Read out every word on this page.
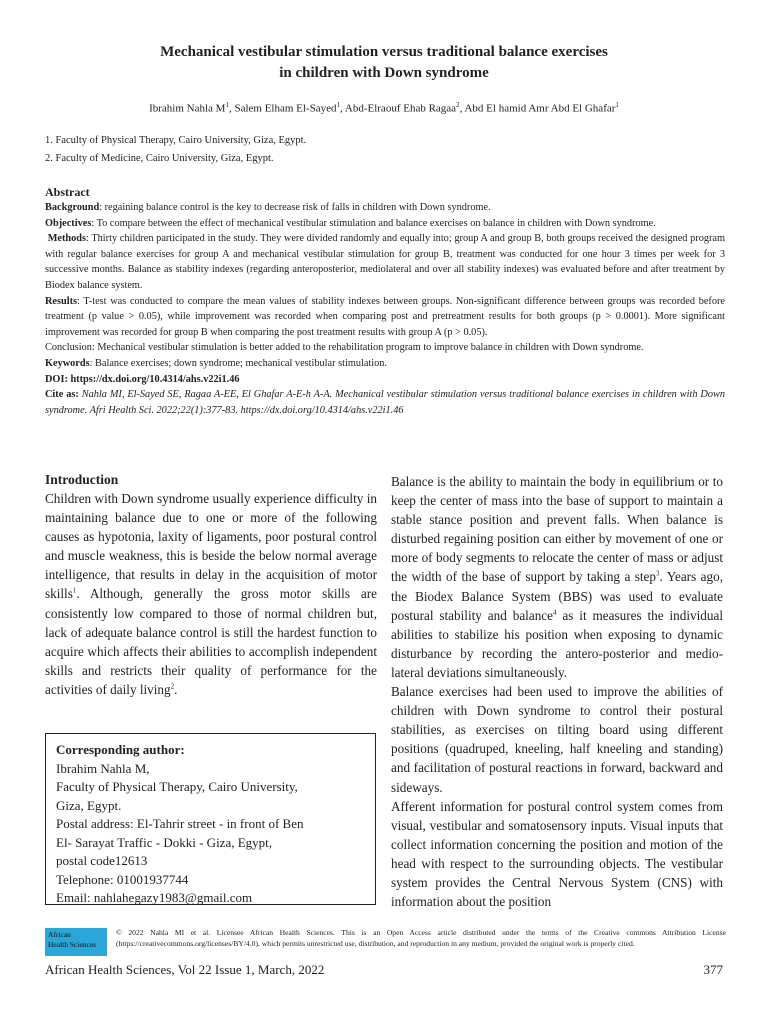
Mechanical vestibular stimulation versus traditional balance exercises
in children with Down syndrome
Ibrahim Nahla $M^1$, Salem Elham El-Sayed$^1$, Abd-Elraouf Ehab Ragaa$^2$, Abd El hamid Amr Abd El Ghafar$^1$
1. Faculty of Physical Therapy, Cairo University, Giza, Egypt.
2. Faculty of Medicine, Cairo University, Giza, Egypt.

Abstract

Background: regaining balance control is the key to decrease risk of falls in children with Down syndrome.

Objectives: To compare between the effect of mechanical vestibular stimulation and balance exercises on balance in children with Down syndrome.

Methods: Thirty children participated in the study. They were divided randomly and equally into; group A and group B, both groups received the designed program with regular balance exercises for group A and mechanical vestibular stimulation for group B, treatment was conducted for one hour 3 times per week for 3 successive months. Balance as stability indexes (regarding anteroposterior, mediolateral and over all stability indexes) was evaluated before and after treatment by Biodex balance system.

Results: T-test was conducted to compare the mean values of stability indexes between groups. Non-significant difference between groups was recorded before treatment (p value > 0.05), while improvement was recorded when comparing post and pretreatment results for both groups (p > 0.0001). More significant improvement was recorded for group B when comparing the post treatment results with group A (p > 0.05).

Conclusion: Mechanical vestibular stimulation is better added to the rehabilitation program to improve balance in children with Down syndrome.

Keywords: Balance exercises; down syndrome; mechanical vestibular stimulation.

DOI: https://dx.doi.org/10.4314/ahs.v22i1.46

Cite as: Nahla MI, El-Sayed SE, Ragaa A-EE, El Ghafar A-E-h A-A. Mechanical vestibular stimulation versus traditional balance exercises in children with Down syndrome. Afri Health Sci. 2022;22(1):377-83. https://dx.doi.org/10.4314/ahs.v22i1.46

Introduction

Children with Down syndrome usually experience difficulty in maintaining balance due to one or more of the following causes as hypotonia, laxity of ligaments, poor postural control and muscle weakness, this is beside the below normal average intelligence, that results in delay in the acquisition of motor skills$^1$. Although, generally the gross motor skills are consistently low compared to those of normal children but, lack of adequate balance control is still the hardest function to acquire which affects their abilities to accomplish independent skills and restricts their quality of performance for the activities of daily living$^2$.

Corresponding author:

Ibrahim Nahla M,

Faculty of Physical Therapy, Cairo University,

Giza, Egypt.

Postal address: El-Tahrir street - in front of Ben

El- Sarayat Traffic - Dokki - Giza, Egypt,

postal code12613

Telephone: 01001937744

Email: nahlahegazy1983@gmail.com

Balance is the ability to maintain the body in equilibrium or to keep the center of mass into the base of support to maintain a stable stance position and prevent falls. When balance is disturbed regaining position can either by movement of one or more of body segments to relocate the center of mass or adjust the width of the base of support by taking a step$^3$. Years ago, the Biodex Balance System (BBS) was used to evaluate postural stability and balance$^4$ as it measures the individual abilities to stabilize his position when exposing to dynamic disturbance by recording the antero-posterior and medio-lateral deviations simultaneously.

Balance exercises had been used to improve the abilities of children with Down syndrome to control their postural stabilities, as exercises on tilting board using different positions (quadruped, kneeling, half kneeling and standing) and facilitation of postural reactions in forward, backward and sideways.

Afferent information for postural control system comes from visual, vestibular and somatosensory inputs. Visual inputs that collect information concerning the position and motion of the head with respect to the surrounding objects. The vestibular system provides the Central Nervous System (CNS) with information about the position

African
Health Sciences
© 2022 Nahla MI et al. Licensee African Health Sciences. This is an Open Access article distributed under the terms of the Creative commons Attribution License (https://creativecommons.org/licenses/BY/4.0), which permits unrestricted use, distribution, and reproduction in any medium, provided the original work is properly cited.
African Health Sciences, Vol 22 Issue 1, March, 2022	377
